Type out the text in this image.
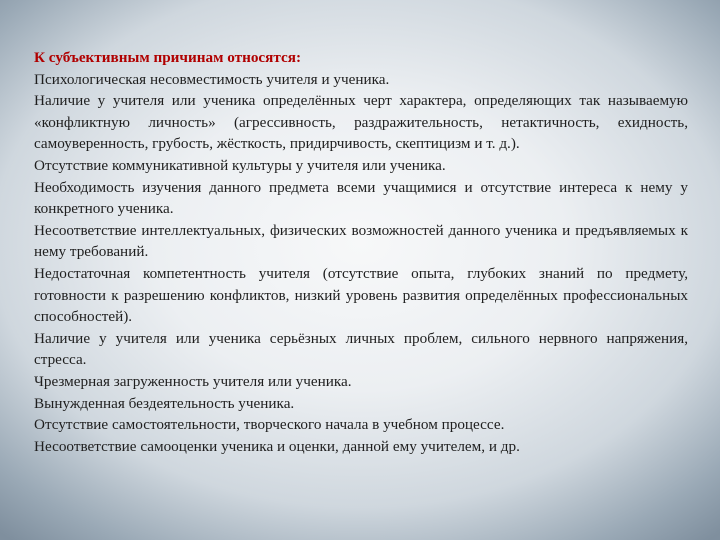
К субъективным причинам относятся:

Психологическая несовместимость учителя и ученика.

Наличие у учителя или ученика определённых черт характера, определяющих так называемую «конфликтную личность» (агрессивность, раздражительность, нетактичность, ехидность, самоуверенность, грубость, жёсткость, придирчивость, скептицизм и т. д.).

Отсутствие коммуникативной культуры у учителя или ученика.

Необходимость изучения данного предмета всеми учащимися и отсутствие интереса к нему у конкретного ученика.

Несоответствие интеллектуальных, физических возможностей данного ученика и предъявляемых к нему требований.

Недостаточная компетентность учителя (отсутствие опыта, глубоких знаний по предмету, готовности к разрешению конфликтов, низкий уровень развития определённых профессиональных способностей).

Наличие у учителя или ученика серьёзных личных проблем, сильного нервного напряжения, стресса.

Чрезмерная загруженность учителя или ученика.

Вынужденная бездеятельность ученика.

Отсутствие самостоятельности, творческого начала в учебном процессе.

Несоответствие самооценки ученика и оценки, данной ему учителем, и др.
